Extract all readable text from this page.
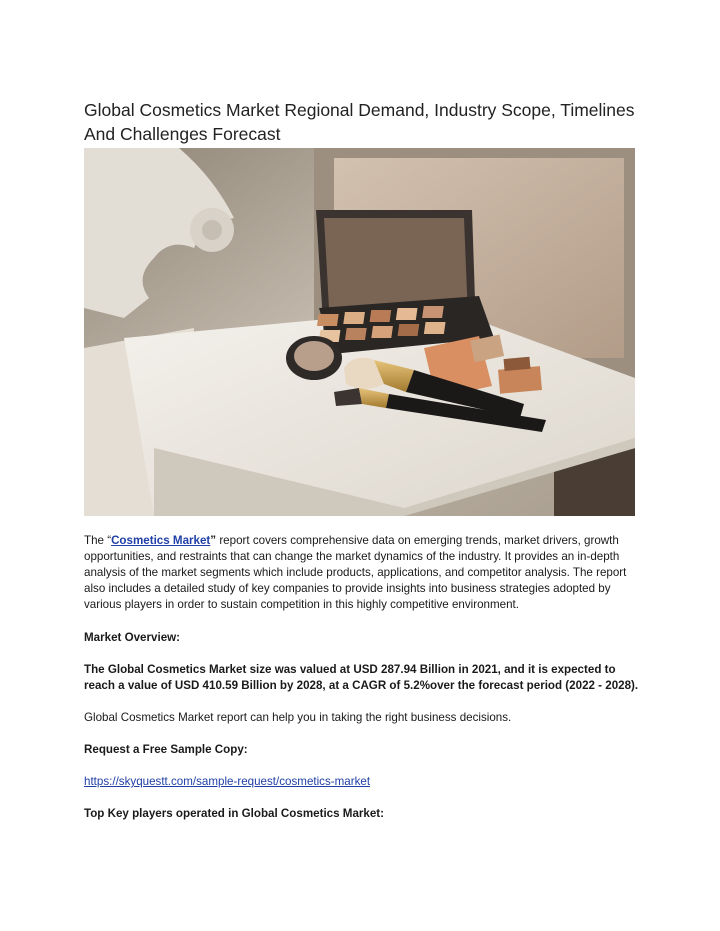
Global Cosmetics Market Regional Demand, Industry Scope, Timelines And Challenges Forecast

The “Cosmetics Market” report covers comprehensive data on emerging trends, market drivers, growth opportunities, and restraints that can change the market dynamics of the industry. It provides an in-depth analysis of the market segments which include products, applications, and competitor analysis. The report also includes a detailed study of key companies to provide insights into business strategies adopted by various players in order to sustain competition in this highly competitive environment.

Market Overview:

The Global Cosmetics Market size was valued at USD 287.94 Billion in 2021, and it is expected to reach a value of USD 410.59 Billion by 2028, at a CAGR of 5.2%over the forecast period (2022 - 2028).

Global Cosmetics Market report can help you in taking the right business decisions.

Request a Free Sample Copy:

https://skyquestt.com/sample-request/cosmetics-market

Top Key players operated in Global Cosmetics Market:
